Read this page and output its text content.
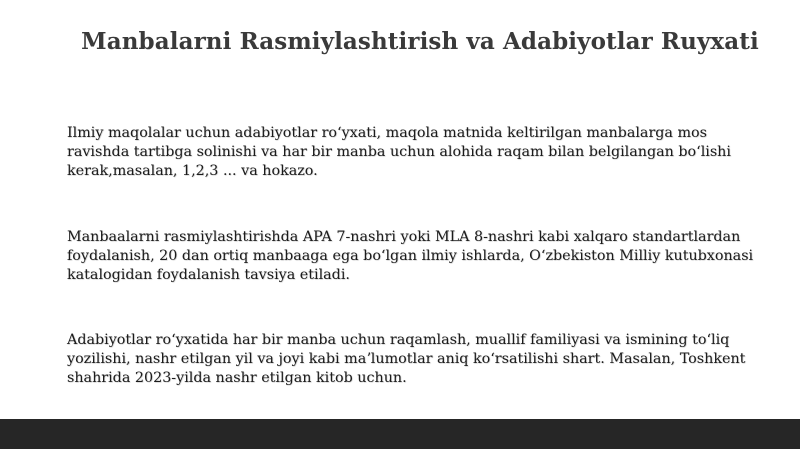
Manbalarni Rasmiylashtirish va Adabiyotlar Ruyxati

Ilmiy maqolalar uchun adabiyotlar roʻyxati, maqola matnida keltirilgan manbalarga mos ravishda tartibga solinishi va har bir manba uchun alohida raqam bilan belgilangan boʻlishi kerak,masalan, 1,2,3 ... va hokazo.

Manbaalarni rasmiylashtirishda APA 7-nashri yoki MLA 8-nashri kabi xalqaro standartlardan foydalanish, 20 dan ortiq manbaaga ega boʻlgan ilmiy ishlarda, Oʻzbekiston Milliy kutubxonasi katalogidan foydalanish tavsiya etiladi.

Adabiyotlar roʻyxatida har bir manba uchun raqamlash, muallif familiyasi va ismining toʻliq yozilishi, nashr etilgan yil va joyi kabi maʼlumotlar aniq koʻrsatilishi shart. Masalan, Toshkent shahrida 2023-yilda nashr etilgan kitob uchun.
